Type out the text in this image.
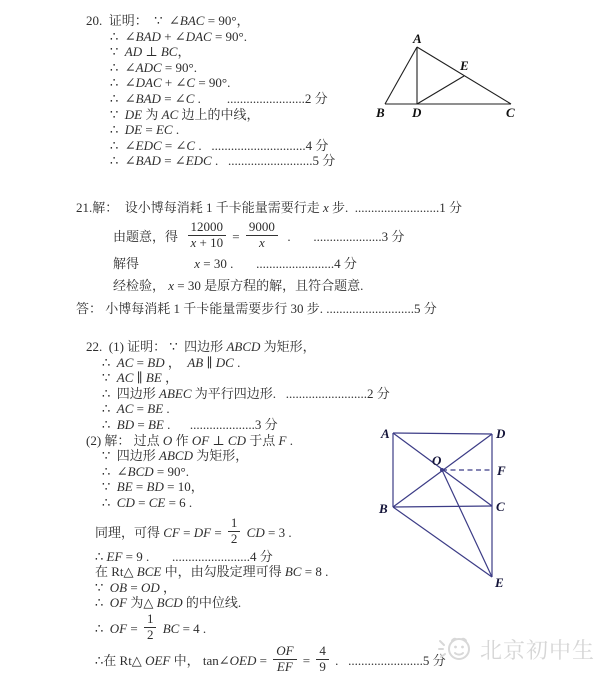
20.  证明：  ∵  ∠BAC = 90°，
∴  ∠BAD + ∠DAC = 90°.
∵  AD ⊥ BC，
∴  ∠ADC = 90°.
∴  ∠DAC + ∠C = 90°.
∴  ∠BAD = ∠C .        ........................2 分
∵  DE 为 AC 边上的中线，
∴  DE = EC .
∴  ∠EDC = ∠C .   .............................4 分
∴  ∠BAD = ∠EDC .   ..........................5 分
A
B D	C
E
21.解：  设小博每消耗 1 千卡能量需要行走 x 步.  ..........................1 分
由题意，得 $\frac{12000}{x + 10} = \frac{9000}{x}$ .       .....................3 分
解得                 x = 30 .       ........................4 分
经检验， x = 30 是原方程的解，且符合题意.
答： 小博每消耗 1 千卡能量需要步行 30 步. ...........................5 分
22.  (1) 证明： ∵  四边形 ABCD 为矩形，
∴  AC = BD ，  AB ∥ DC .
∵  AC ∥ BE ，
∴  四边形 ABEC 为平行四边形.   .........................2 分
∴  AC = BE .
∴  BD = BE .      ....................3 分
(2) 解： 过点 O 作 OF ⊥ CD 于点 F .
∵  四边形 ABCD 为矩形，
∴  ∠BCD = 90°.
∵  BE = BD = 10，
∴  CD = CE = 6 .
同理，可得 CF = DF = $\frac{1}{2}$ CD = 3 .
∴ EF = 9 .       ........................4 分
在 Rt△ BCE 中，由勾股定理可得 BC = 8 .
∵  OB = OD ，
∴  OF 为△ BCD 的中位线.
∴  OF = $\frac{1}{2}$ BC = 4 .
∴在 Rt△ OEF 中， tan∠OED = $\frac{OF}{EF} = \frac{4}{9}$ .   .......................5 分
A	D
O
F
B	C
E
北京初中生
